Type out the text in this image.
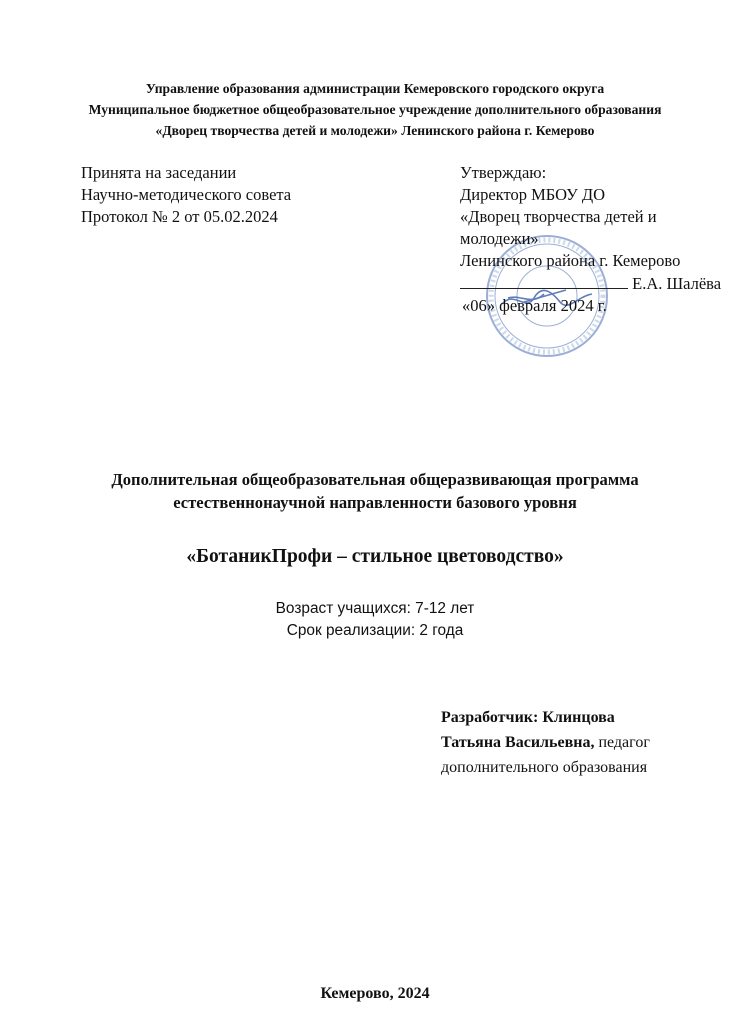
Управление образования администрации Кемеровского городского округа
Муниципальное бюджетное общеобразовательное учреждение дополнительного образования
«Дворец творчества детей и молодежи» Ленинского района г. Кемерово
Принята на заседании
Научно-методического совета
Протокол № 2 от 05.02.2024
Утверждаю:
Директор МБОУ ДО
«Дворец творчества детей и
молодежи»
Ленинского района г. Кемерово
Е.А. Шалёва
«06» февраля 2024 г.
Дополнительная общеобразовательная общеразвивающая программа
естественнонаучной направленности базового уровня
«БотаникПрофи – стильное цветоводство»
Возраст учащихся: 7-12 лет
Срок реализации: 2 года
Разработчик: Клинцова
Татьяна Васильевна, педагог
дополнительного образования
Кемерово, 2024
